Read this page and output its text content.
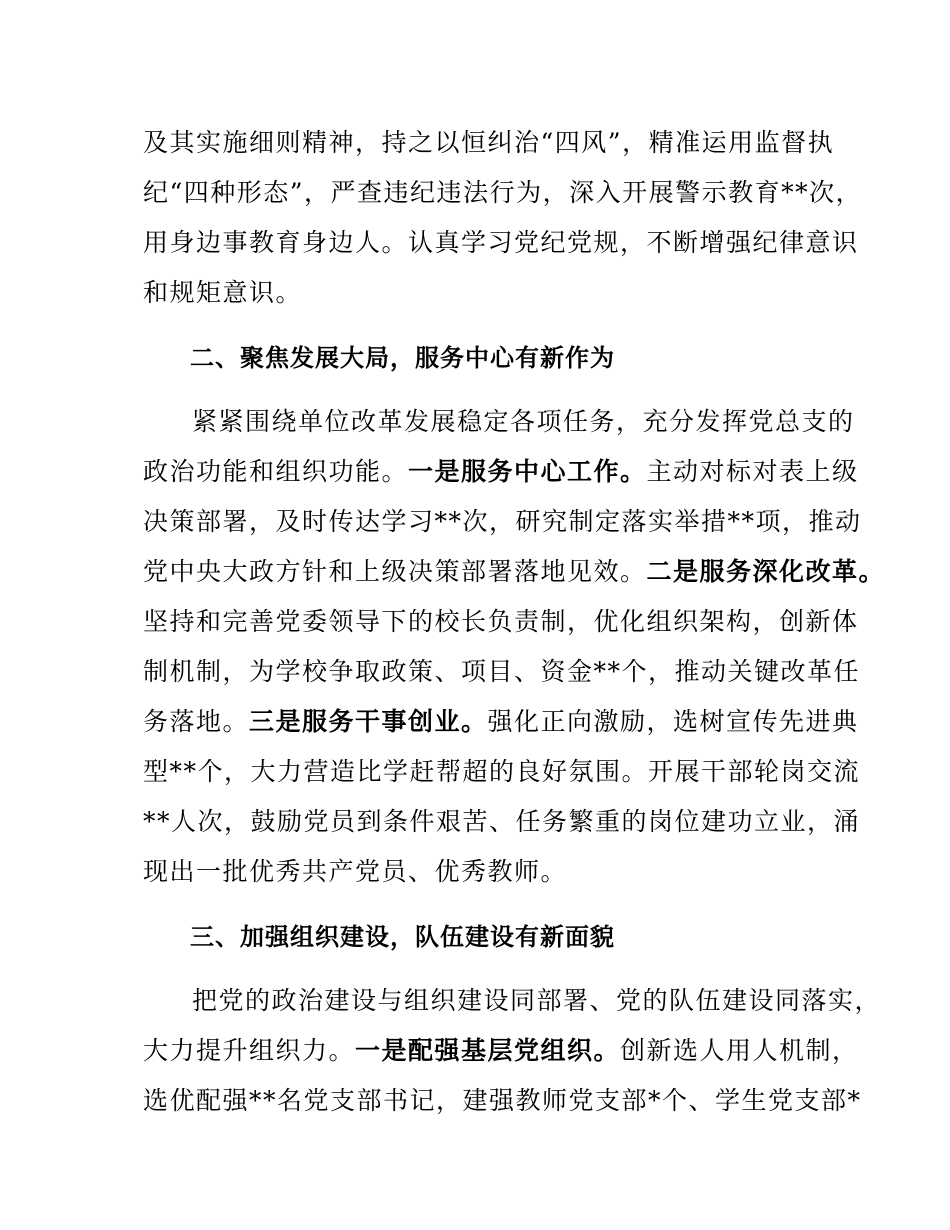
及其实施细则精神，持之以恒纠治“四风”，精准运用监督执
纪“四种形态”，严查违纪违法行为，深入开展警示教育**次，
用身边事教育身边人。认真学习党纪党规，不断增强纪律意识
和规矩意识。
二、聚焦发展大局，服务中心有新作为
紧紧围绕单位改革发展稳定各项任务，充分发挥党总支的
政治功能和组织功能。一是服务中心工作。主动对标对表上级
决策部署，及时传达学习**次，研究制定落实举措**项，推动
党中央大政方针和上级决策部署落地见效。二是服务深化改革。
坚持和完善党委领导下的校长负责制，优化组织架构，创新体
制机制，为学校争取政策、项目、资金**个，推动关键改革任
务落地。三是服务干事创业。强化正向激励，选树宣传先进典
型**个，大力营造比学赶帮超的良好氛围。开展干部轮岗交流
**人次，鼓励党员到条件艰苦、任务繁重的岗位建功立业，涌
现出一批优秀共产党员、优秀教师。
三、加强组织建设，队伍建设有新面貌
把党的政治建设与组织建设同部署、党的队伍建设同落实，
大力提升组织力。一是配强基层党组织。创新选人用人机制，
选优配强**名党支部书记，建强教师党支部*个、学生党支部*
